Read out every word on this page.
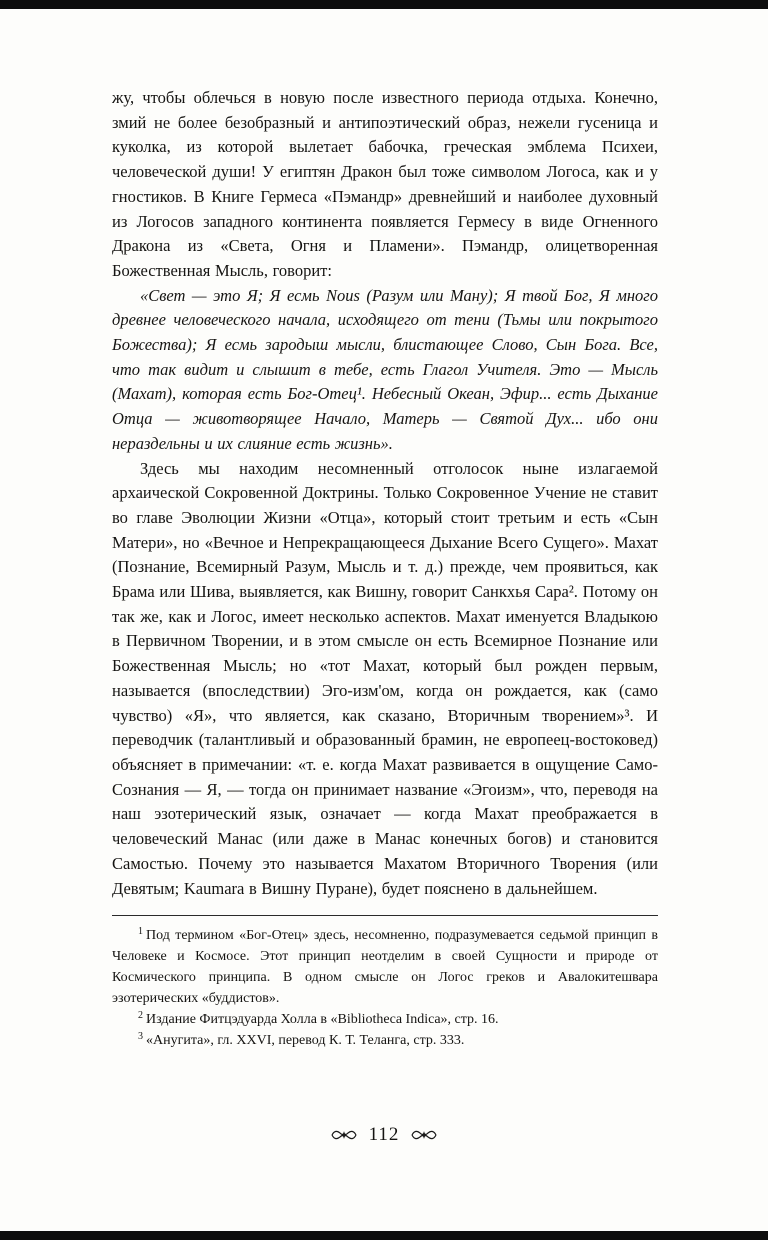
жу, чтобы облечься в новую после известного периода отдыха. Конечно, змий не более безобразный и антипоэтический образ, нежели гусеница и куколка, из которой вылетает бабочка, греческая эмблема Психеи, человеческой души! У египтян Дракон был тоже символом Логоса, как и у гностиков. В Книге Гермеса «Пэмандр» древнейший и наиболее духовный из Логосов западного континента появляется Гермесу в виде Огненного Дракона из «Света, Огня и Пламени». Пэмандр, олицетворенная Божественная Мысль, говорит:

«Свет — это Я; Я есмь Nous (Разум или Ману); Я твой Бог, Я много древнее человеческого начала, исходящего от тени (Тьмы или покрытого Божества); Я есмь зародыш мысли, блистающее Слово, Сын Бога. Все, что так видит и слышит в тебе, есть Глагол Учителя. Это — Мысль (Махат), которая есть Бог-Отец¹. Небесный Океан, Эфир... есть Дыхание Отца — животворящее Начало, Матерь — Святой Дух... ибо они нераздельны и их слияние есть жизнь».

Здесь мы находим несомненный отголосок ныне излагаемой архаической Сокровенной Доктрины. Только Сокровенное Учение не ставит во главе Эволюции Жизни «Отца», который стоит третьим и есть «Сын Матери», но «Вечное и Непрекращающееся Дыхание Всего Сущего». Махат (Познание, Всемирный Разум, Мысль и т. д.) прежде, чем проявиться, как Брама или Шива, выявляется, как Вишну, говорит Санкхья Сара². Потому он так же, как и Логос, имеет несколько аспектов. Махат именуется Владыкою в Первичном Творении, и в этом смысле он есть Всемирное Познание или Божественная Мысль; но «тот Махат, который был рожден первым, называется (впоследствии) Эго-изм'ом, когда он рождается, как (само чувство) «Я», что является, как сказано, Вторичным творением»³. И переводчик (талантливый и образованный брамин, не европеец-востоковед) объясняет в примечании: «т. е. когда Махат развивается в ощущение Само-Сознания — Я, — тогда он принимает название «Эгоизм», что, переводя на наш эзотерический язык, означает — когда Махат преображается в человеческий Манас (или даже в Манас конечных богов) и становится Самостью. Почему это называется Махатом Вторичного Творения (или Девятым; Kaumara в Вишну Пуране), будет пояснено в дальнейшем.

$^1$ Под термином «Бог-Отец» здесь, несомненно, подразумевается седьмой принцип в Человеке и Космосе. Этот принцип неотделим в своей Сущности и природе от Космического принципа. В одном смысле он Логос греков и Авалокитешвара эзотерических «буддистов».

$^2$ Издание Фитцэдуарда Холла в «Bibliotheca Indica», стр. 16.

$^3$ «Анугита», гл. XXVI, перевод К. Т. Теланга, стр. 333.

112
